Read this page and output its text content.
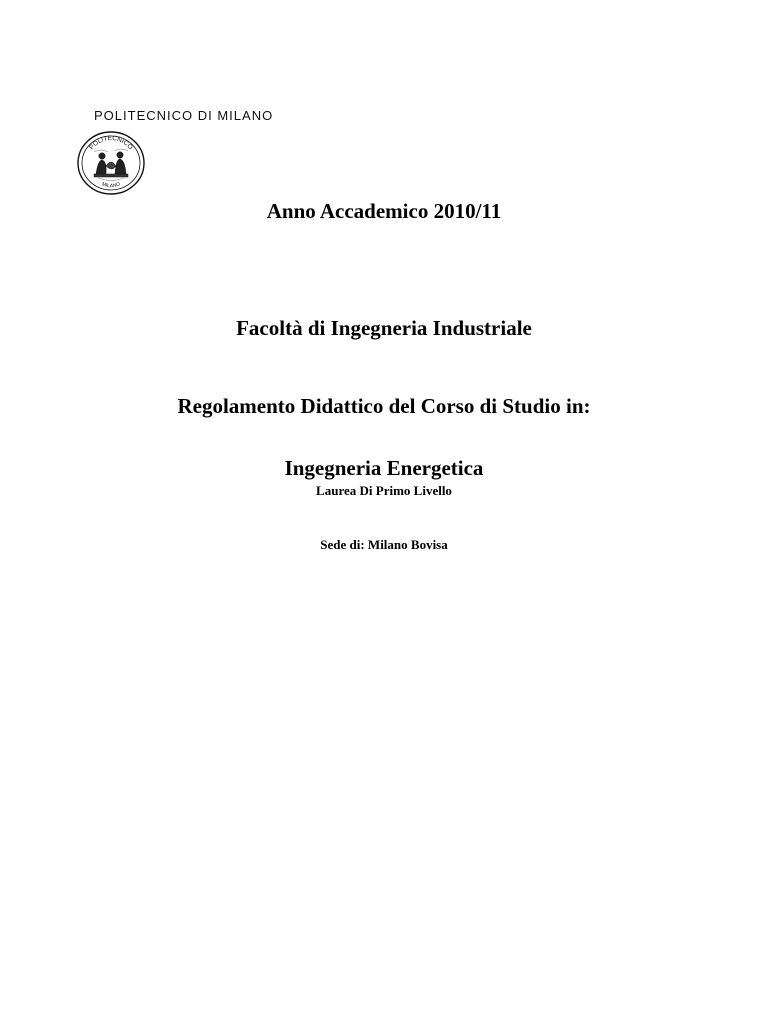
POLITECNICO DI MILANO
POLITECNICO
MILANO
Anno Accademico 2010/11
Facoltà di Ingegneria Industriale
Regolamento Didattico del Corso di Studio in:
Ingegneria Energetica
Laurea Di Primo Livello
Sede di: Milano Bovisa
